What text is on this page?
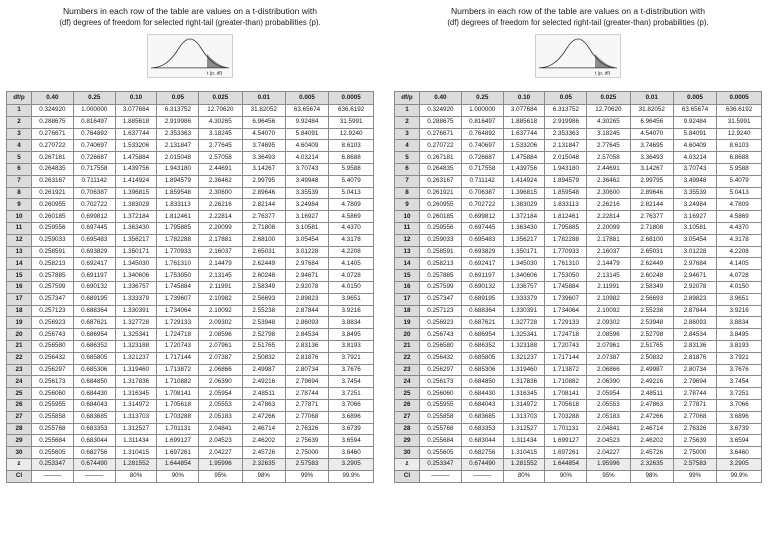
Numbers in each row of the table are values on a t-distribution with
(df) degrees of freedom for selected right-tail (greater-than) probabilities (p).
t (p, df)
df/p	0.40	0.25	0.10	0.05	0.025	0.01	0.005	0.0005
1	0.324920	1.000000	3.077684	6.313752	12.70620	31.82052	63.65674	636.6192
2	0.288675	0.816497	1.885618	2.919986	4.30265	6.96456	9.92484	31.5991
3	0.276671	0.764892	1.637744	2.353363	3.18245	4.54070	5.84091	12.9240
4	0.270722	0.740697	1.533206	2.131847	2.77645	3.74695	4.60409	8.6103
5	0.267181	0.726687	1.475884	2.015048	2.57058	3.36493	4.03214	6.8688
6	0.264835	0.717558	1.439756	1.943180	2.44691	3.14267	3.70743	5.9588
7	0.263167	0.711142	1.414924	1.894579	2.36462	2.99795	3.49948	5.4079
8	0.261921	0.706387	1.396815	1.859548	2.30600	2.89646	3.35539	5.0413
9	0.260955	0.702722	1.383029	1.833113	2.26216	2.82144	3.24984	4.7809
10	0.260185	0.699812	1.372184	1.812461	2.22814	2.76377	3.16927	4.5869
11	0.259556	0.697445	1.363430	1.795885	2.20099	2.71808	3.10581	4.4370
12	0.259033	0.695483	1.356217	1.782288	2.17881	2.68100	3.05454	4.3178
13	0.258591	0.693829	1.350171	1.770933	2.16037	2.65031	3.01228	4.2208
14	0.258213	0.692417	1.345030	1.761310	2.14479	2.62449	2.97684	4.1405
15	0.257885	0.691197	1.340606	1.753050	2.13145	2.60248	2.94671	4.0728
16	0.257599	0.690132	1.336757	1.745884	2.11991	2.58349	2.92078	4.0150
17	0.257347	0.689195	1.333379	1.739607	2.10982	2.56693	2.89823	3.9651
18	0.257123	0.688364	1.330391	1.734064	2.10092	2.55238	2.87844	3.9216
19	0.256923	0.687621	1.327728	1.729133	2.09302	2.53948	2.86093	3.8834
20	0.256743	0.686954	1.325341	1.724718	2.08596	2.52798	2.84534	3.8495
21	0.256580	0.686352	1.323188	1.720743	2.07961	2.51765	2.83136	3.8193
22	0.256432	0.685805	1.321237	1.717144	2.07387	2.50832	2.81876	3.7921
23	0.256297	0.685306	1.319460	1.713872	2.06866	2.49987	2.80734	3.7676
24	0.256173	0.684850	1.317836	1.710882	2.06390	2.49216	2.79694	3.7454
25	0.256060	0.684430	1.316345	1.708141	2.05954	2.48511	2.78744	3.7251
26	0.255955	0.684043	1.314972	1.705618	2.05553	2.47863	2.77871	3.7066
27	0.255858	0.683685	1.313703	1.703288	2.05183	2.47266	2.77068	3.6896
28	0.255768	0.683353	1.312527	1.701131	2.04841	2.46714	2.76326	3.6739
29	0.255684	0.683044	1.311434	1.699127	2.04523	2.46202	2.75639	3.6594
30	0.255605	0.682756	1.310415	1.697261	2.04227	2.45726	2.75000	3.6460
z	0.253347	0.674490	1.281552	1.644854	1.95996	2.32635	2.57583	3.2905
CI	———	———	80%	90%	95%	98%	99%	99.9%
Numbers in each row of the table are values on a t-distribution with
(df) degrees of freedom for selected right-tail (greater-than) probabilities (p).
t (p, df)
df/p	0.40	0.25	0.10	0.05	0.025	0.01	0.005	0.0005
1	0.324920	1.000000	3.077684	6.313752	12.70620	31.82052	63.65674	636.6192
2	0.288675	0.816497	1.885618	2.919986	4.30265	6.96456	9.92484	31.5991
3	0.276671	0.764892	1.637744	2.353363	3.18245	4.54070	5.84091	12.9240
4	0.270722	0.740697	1.533206	2.131847	2.77645	3.74695	4.60409	8.6103
5	0.267181	0.726687	1.475884	2.015048	2.57058	3.36493	4.03214	6.8688
6	0.264835	0.717558	1.439756	1.943180	2.44691	3.14267	3.70743	5.9588
7	0.263167	0.711142	1.414924	1.894579	2.36462	2.99795	3.49948	5.4079
8	0.261921	0.706387	1.396815	1.859548	2.30600	2.89646	3.35539	5.0413
9	0.260955	0.702722	1.383029	1.833113	2.26216	2.82144	3.24984	4.7809
10	0.260185	0.699812	1.372184	1.812461	2.22814	2.76377	3.16927	4.5869
11	0.259556	0.697445	1.363430	1.795885	2.20099	2.71808	3.10581	4.4370
12	0.259033	0.695483	1.356217	1.782288	2.17881	2.68100	3.05454	4.3178
13	0.258591	0.693829	1.350171	1.770933	2.16037	2.65031	3.01228	4.2208
14	0.258213	0.692417	1.345030	1.761310	2.14479	2.62449	2.97684	4.1405
15	0.257885	0.691197	1.340606	1.753050	2.13145	2.60248	2.94671	4.0728
16	0.257599	0.690132	1.336757	1.745884	2.11991	2.58349	2.92078	4.0150
17	0.257347	0.689195	1.333379	1.739607	2.10982	2.56693	2.89823	3.9651
18	0.257123	0.688364	1.330391	1.734064	2.10092	2.55238	2.87844	3.9216
19	0.256923	0.687621	1.327728	1.729133	2.09302	2.53948	2.86093	3.8834
20	0.256743	0.686954	1.325341	1.724718	2.08596	2.52798	2.84534	3.8495
21	0.256580	0.686352	1.323188	1.720743	2.07961	2.51765	2.83136	3.8193
22	0.256432	0.685805	1.321237	1.717144	2.07387	2.50832	2.81876	3.7921
23	0.256297	0.685306	1.319460	1.713872	2.06866	2.49987	2.80734	3.7676
24	0.256173	0.684850	1.317836	1.710882	2.06390	2.49216	2.79694	3.7454
25	0.256060	0.684430	1.316345	1.708141	2.05954	2.48511	2.78744	3.7251
26	0.255955	0.684043	1.314972	1.705618	2.05553	2.47863	2.77871	3.7066
27	0.255858	0.683685	1.313703	1.703288	2.05183	2.47266	2.77068	3.6896
28	0.255768	0.683353	1.312527	1.701131	2.04841	2.46714	2.76326	3.6739
29	0.255684	0.683044	1.311434	1.699127	2.04523	2.46202	2.75639	3.6594
30	0.255605	0.682756	1.310415	1.697261	2.04227	2.45726	2.75000	3.6460
z	0.253347	0.674490	1.281552	1.644854	1.95996	2.32635	2.57583	3.2905
CI	———	———	80%	90%	95%	98%	99%	99.9%
